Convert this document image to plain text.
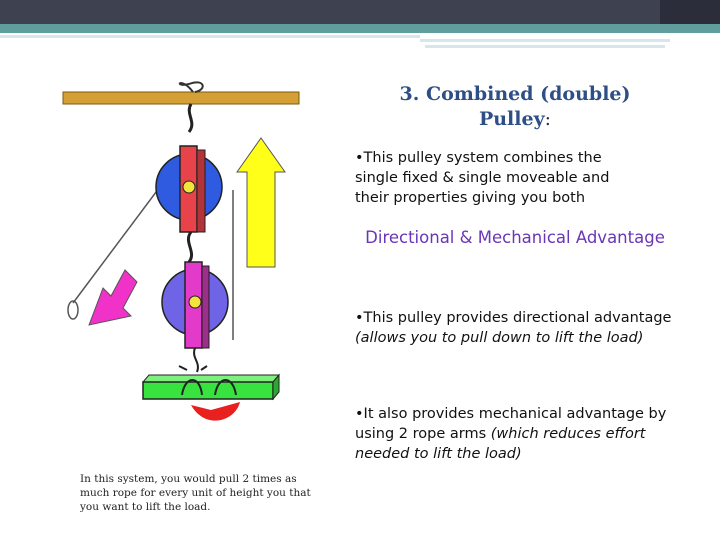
3. Combined (double)
Pulley:
•This pulley system combines the single fixed & single moveable and their properties giving you both
Directional & Mechanical Advantage
•This pulley provides directional advantage (allows you to pull down to lift the load)
•It also provides mechanical advantage by using 2 rope arms (which reduces effort needed to lift the load)
In this system, you would pull 2 times as much rope for every unit of height you that you want to lift the load.
